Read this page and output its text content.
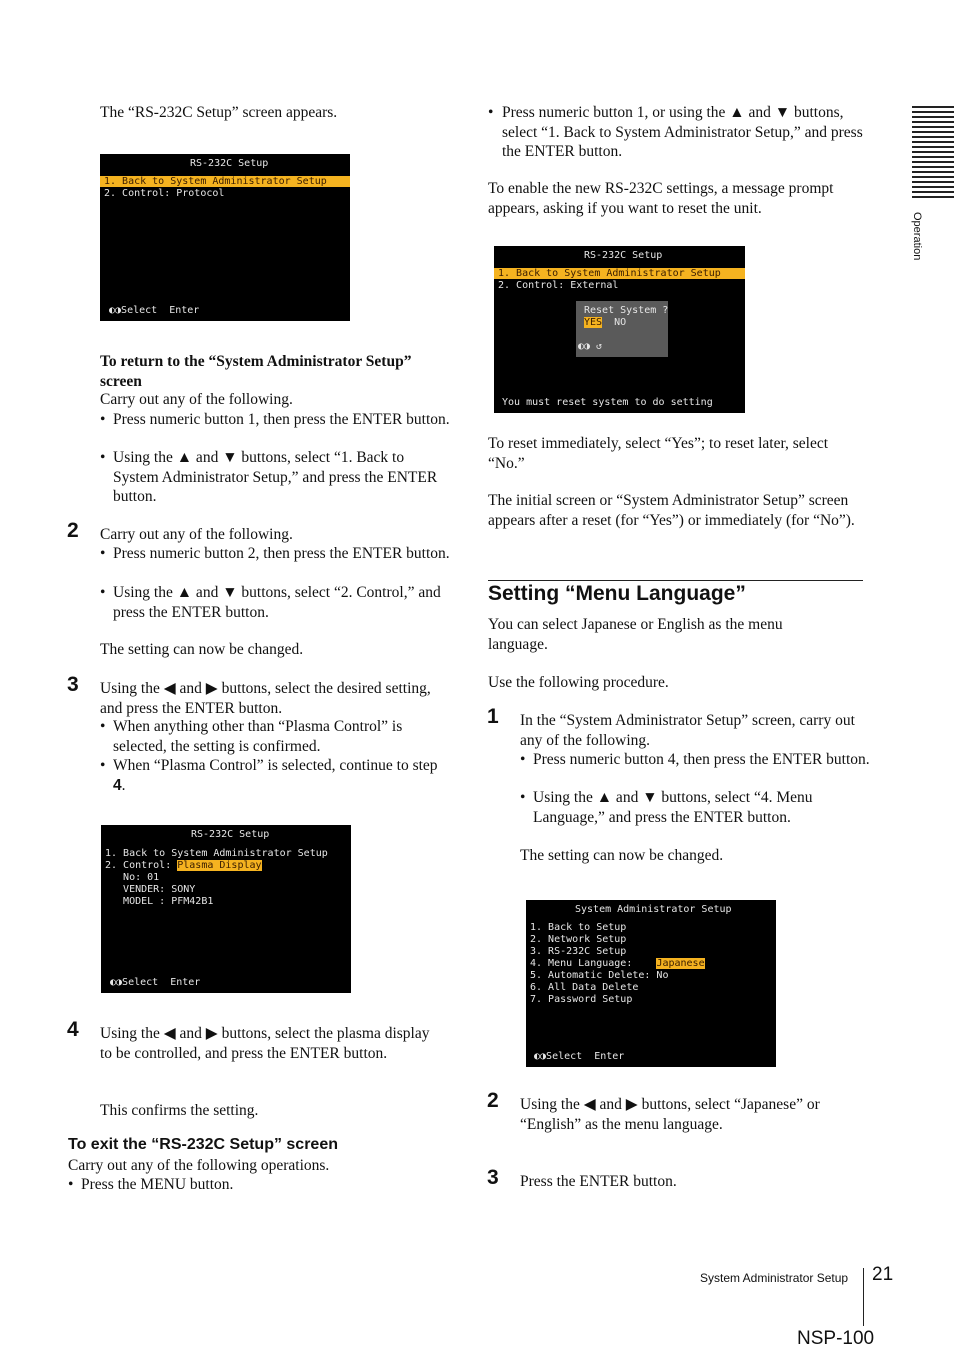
The “RS-232C Setup” screen appears.
RS-232C Setup
1. Back to System Administrator Setup
2. Control: Protocol
◐◑Select  Enter
To return to the “System Administrator Setup” screen
Carry out any of the following.
• Press numeric button 1, then press the ENTER button.
• Using the ▲ and ▼ buttons, select “1. Back to System Administrator Setup,” and press the ENTER button.
2 Carry out any of the following.
• Press numeric button 2, then press the ENTER button.
• Using the ▲ and ▼ buttons, select “2. Control,” and press the ENTER button.
The setting can now be changed.
3 Using the ◀ and ▶ buttons, select the desired setting, and press the ENTER button.
• When anything other than “Plasma Control” is selected, the setting is confirmed.
• When “Plasma Control” is selected, continue to step 4.
RS-232C Setup
1. Back to System Administrator Setup
2. Control: Plasma Display
No: 01
VENDER: SONY
MODEL : PFM42B1
◐◑Select  Enter
4 Using the ◀ and ▶ buttons, select the plasma display to be controlled, and press the ENTER button.
This confirms the setting.
To exit the “RS-232C Setup” screen
Carry out any of the following operations.
• Press the MENU button.
• Press numeric button 1, or using the ▲ and ▼ buttons, select “1. Back to System Administrator Setup,” and press the ENTER button.
To enable the new RS-232C settings, a message prompt appears, asking if you want to reset the unit.
RS-232C Setup
1. Back to System Administrator Setup
2. Control: External
Reset System ?
YES NO
◐◑ ↺
You must reset system to do setting
To reset immediately, select “Yes”; to reset later, select “No.”
The initial screen or “System Administrator Setup” screen appears after a reset (for “Yes”) or immediately (for “No”).
Setting “Menu Language”
You can select Japanese or English as the menu language.
Use the following procedure.
1 In the “System Administrator Setup” screen, carry out any of the following.
• Press numeric button 4, then press the ENTER button.
• Using the ▲ and ▼ buttons, select “4. Menu Language,” and press the ENTER button.
The setting can now be changed.
System Administrator Setup
1. Back to Setup
2. Network Setup
3. RS-232C Setup
4. Menu Language:    Japanese
5. Automatic Delete: No
6. All Data Delete
7. Password Setup
◐◑Select  Enter
2 Using the ◀ and ▶ buttons, select “Japanese” or “English” as the menu language.
3 Press the ENTER button.
Operation
System Administrator Setup 21
NSP-100
